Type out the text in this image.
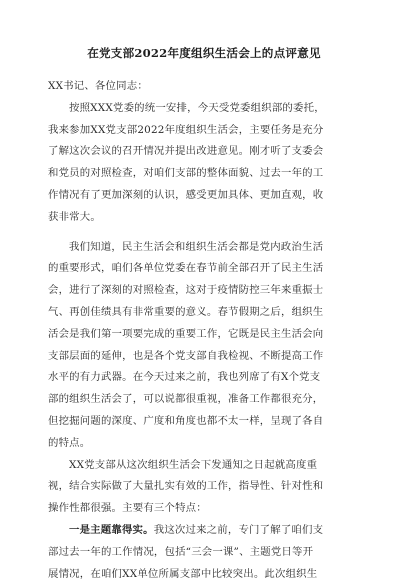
在党支部2022年度组织生活会上的点评意见

XX书记、各位同志：

按照XXX党委的统一安排，今天受党委组织部的委托，
我来参加XX党支部2022年度组织生活会，主要任务是充分
了解这次会议的召开情况并提出改进意见。刚才听了支委会
和党员的对照检查，对咱们支部的整体面貌、过去一年的工
作情况有了更加深刻的认识，感受更加具体、更加直观，收
获非常大。
我们知道，民主生活会和组织生活会都是党内政治生活
的重要形式，咱们各单位党委在春节前全部召开了民主生活
会，进行了深刻的对照检查，这对于疫情防控三年来重振士
气、再创佳绩具有非常重要的意义。春节假期之后，组织生
活会是我们第一项要完成的重要工作，它既是民主生活会向
支部层面的延伸，也是各个党支部自我检视、不断提高工作
水平的有力武器。在今天过来之前，我也列席了有X个党支
部的组织生活会了，可以说都很重视，准备工作都很充分，
但挖掘问题的深度、广度和角度也都不太一样，呈现了各自
的特点。
XX党支部从这次组织生活会下发通知之日起就高度重
视，结合实际做了大量扎实有效的工作，指导性、针对性和
操作性都很强。主要有三个特点：
一是主题靠得实。我这次过来之前，专门了解了咱们支
部过去一年的工作情况，包括“三会一课”、主题党日等开
展情况，在咱们XX单位所属支部中比较突出。此次组织生
